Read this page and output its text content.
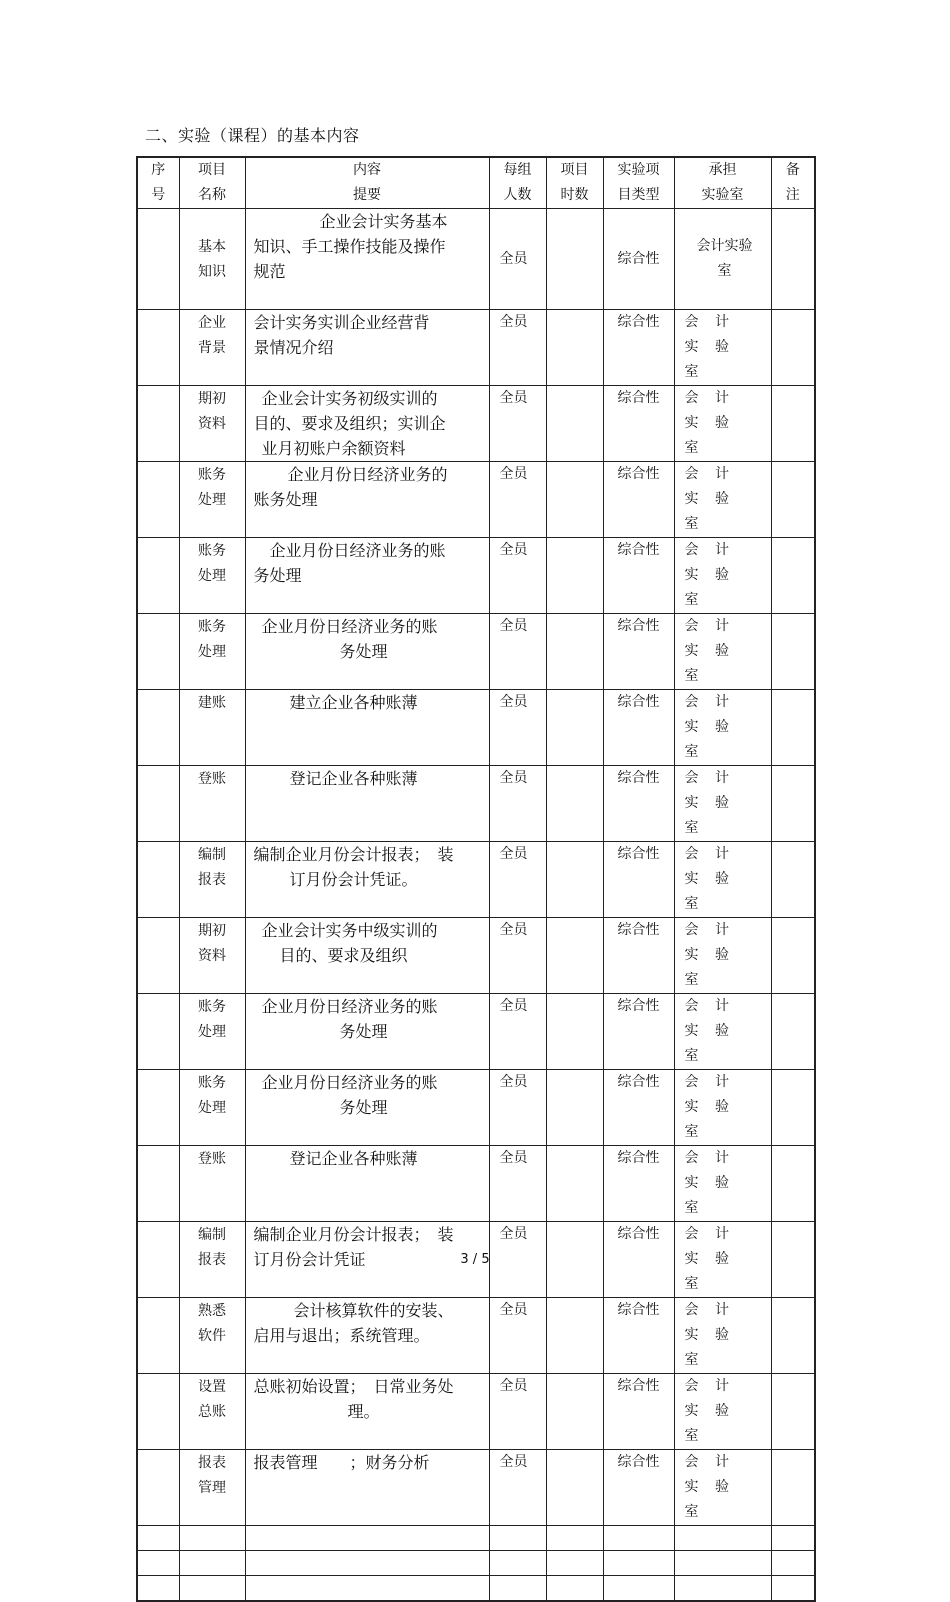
二、实验（课程）的基本内容
序
号	项目
名称	内容
提要	每组
人数	项目
时数	实验项
目类型	承担
实验室	备
注

	基本
知识	企业会计实务基本
知识、手工操作技能及操作
规范	全员		综合性	会计实验
室	

	企业
背景	会计实务实训企业经营背
景情况介绍	全员		综合性	会 计 实 验
室	

	期初
资料	企业会计实务初级实训的
目的、要求及组织；实训企
业月初账户余额资料	全员		综合性	会 计 实 验
室	

	账务
处理	企业月份日经济业务的
账务处理	全员		综合性	会 计 实 验
室	

	账务
处理	企业月份日经济业务的账
务处理	全员		综合性	会 计 实 验
室	

	账务
处理	企业月份日经济业务的账
务处理	全员		综合性	会 计 实 验
室	

	建账	建立企业各种账薄	全员		综合性	会 计 实 验
室	

	登账	登记企业各种账薄	全员		综合性	会 计 实 验
室	

	编制
报表	编制企业月份会计报表；　装
订月份会计凭证。	全员		综合性	会 计 实 验
室	

	期初
资料	企业会计实务中级实训的
目的、要求及组织	全员		综合性	会 计 实 验
室	

	账务
处理	企业月份日经济业务的账
务处理	全员		综合性	会 计 实 验
室	

	账务
处理	企业月份日经济业务的账
务处理	全员		综合性	会 计 实 验
室	

	登账	登记企业各种账薄	全员		综合性	会 计 实 验
室	

	编制
报表	编制企业月份会计报表；　装
订月份会计凭证	全员		综合性	会 计 实 验
室	

	熟悉
软件	会计核算软件的安装、
启用与退出；系统管理。	全员		综合性	会 计 实 验
室	

	设置
总账	总账初始设置；　日常业务处
理。	全员		综合性	会 计 实 验
室	

	报表
管理	报表管理　　；财务分析	全员		综合性	会 计 实 验
室	

3 / 5
